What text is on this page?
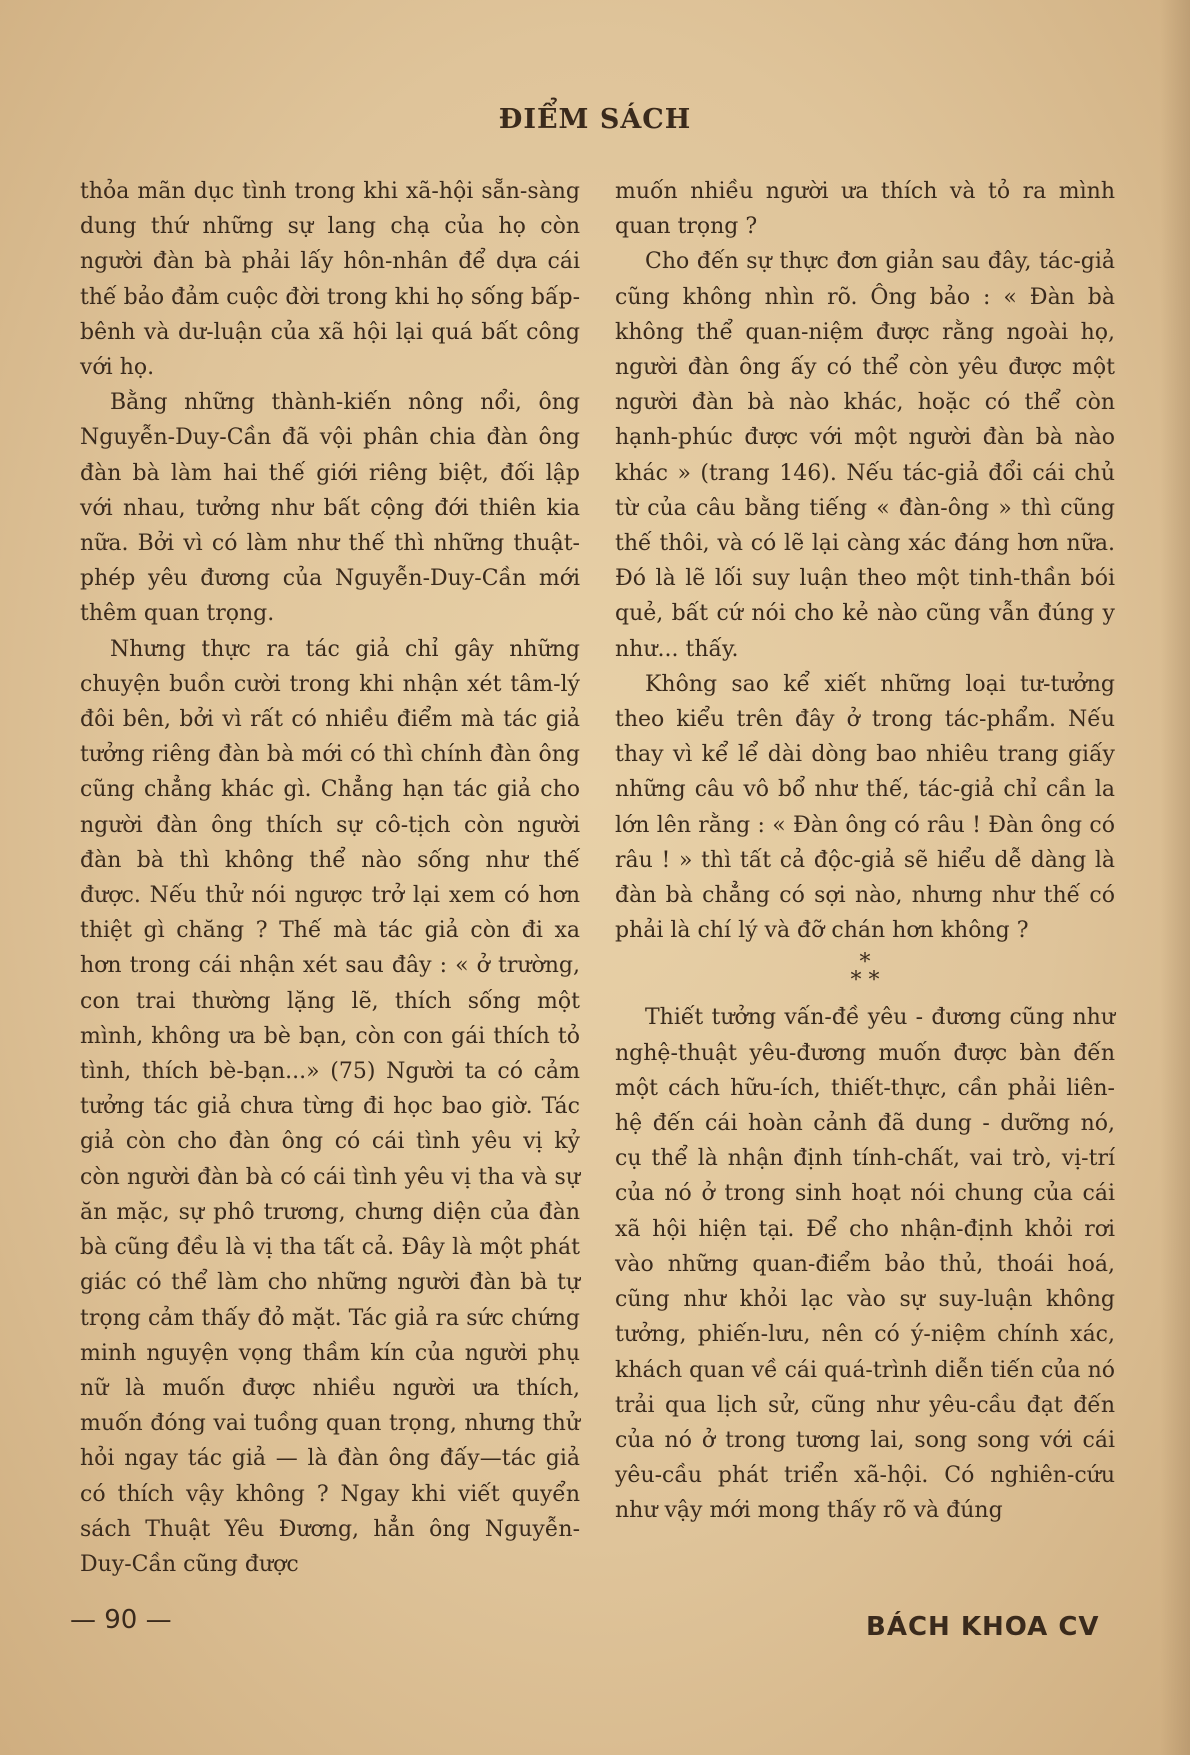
ĐIỂM SÁCH

thỏa mãn dục tình trong khi xã-hội sẵn-sàng dung thứ những sự lang chạ của họ còn người đàn bà phải lấy hôn-nhân để dựa cái thế bảo đảm cuộc đời trong khi họ sống bấp-bênh và dư-luận của xã hội lại quá bất công với họ.

Bằng những thành-kiến nông nổi, ông Nguyễn-Duy-Cần đã vội phân chia đàn ông đàn bà làm hai thế giới riêng biệt, đối lập với nhau, tưởng như bất cộng đới thiên kia nữa. Bởi vì có làm như thế thì những thuật-phép yêu đương của Nguyễn-Duy-Cần mới thêm quan trọng.

Nhưng thực ra tác giả chỉ gây những chuyện buồn cười trong khi nhận xét tâm-lý đôi bên, bởi vì rất có nhiều điểm mà tác giả tưởng riêng đàn bà mới có thì chính đàn ông cũng chẳng khác gì. Chẳng hạn tác giả cho người đàn ông thích sự cô-tịch còn người đàn bà thì không thể nào sống như thế được. Nếu thử nói ngược trở lại xem có hơn thiệt gì chăng ? Thế mà tác giả còn đi xa hơn trong cái nhận xét sau đây : « ở trường, con trai thường lặng lẽ, thích sống một mình, không ưa bè bạn, còn con gái thích tỏ tình, thích bè-bạn...» (75) Người ta có cảm tưởng tác giả chưa từng đi học bao giờ. Tác giả còn cho đàn ông có cái tình yêu vị kỷ còn người đàn bà có cái tình yêu vị tha và sự ăn mặc, sự phô trương, chưng diện của đàn bà cũng đều là vị tha tất cả. Đây là một phát giác có thể làm cho những người đàn bà tự trọng cảm thấy đỏ mặt. Tác giả ra sức chứng minh nguyện vọng thầm kín của người phụ nữ là muốn được nhiều người ưa thích, muốn đóng vai tuồng quan trọng, nhưng thử hỏi ngay tác giả — là đàn ông đấy—tác giả có thích vậy không ? Ngay khi viết quyển sách Thuật Yêu Đương, hẳn ông Nguyễn-Duy-Cần cũng được

muốn nhiều người ưa thích và tỏ ra mình quan trọng ?

Cho đến sự thực đơn giản sau đây, tác-giả cũng không nhìn rõ. Ông bảo : « Đàn bà không thể quan-niệm được rằng ngoài họ, người đàn ông ấy có thể còn yêu được một người đàn bà nào khác, hoặc có thể còn hạnh-phúc được với một người đàn bà nào khác » (trang 146). Nếu tác-giả đổi cái chủ từ của câu bằng tiếng « đàn-ông » thì cũng thế thôi, và có lẽ lại càng xác đáng hơn nữa. Đó là lẽ lối suy luận theo một tinh-thần bói quẻ, bất cứ nói cho kẻ nào cũng vẫn đúng y như... thấy.

Không sao kể xiết những loại tư-tưởng theo kiểu trên đây ở trong tác-phẩm. Nếu thay vì kể lể dài dòng bao nhiêu trang giấy những câu vô bổ như thế, tác-giả chỉ cần la lớn lên rằng : « Đàn ông có râu ! Đàn ông có râu ! » thì tất cả độc-giả sẽ hiểu dễ dàng là đàn bà chẳng có sợi nào, nhưng như thế có phải là chí lý và đỡ chán hơn không ?

*
* *

Thiết tưởng vấn-đề yêu - đương cũng như nghệ-thuật yêu-đương muốn được bàn đến một cách hữu-ích, thiết-thực, cần phải liên-hệ đến cái hoàn cảnh đã dung - dưỡng nó, cụ thể là nhận định tính-chất, vai trò, vị-trí của nó ở trong sinh hoạt nói chung của cái xã hội hiện tại. Để cho nhận-định khỏi rơi vào những quan-điểm bảo thủ, thoái hoá, cũng như khỏi lạc vào sự suy-luận không tưởng, phiến-lưu, nên có ý-niệm chính xác, khách quan về cái quá-trình diễn tiến của nó trải qua lịch sử, cũng như yêu-cầu đạt đến của nó ở trong tương lai, song song với cái yêu-cầu phát triển xã-hội. Có nghiên-cứu như vậy mới mong thấy rõ và đúng

— 90 —	BÁCH KHOA CV
